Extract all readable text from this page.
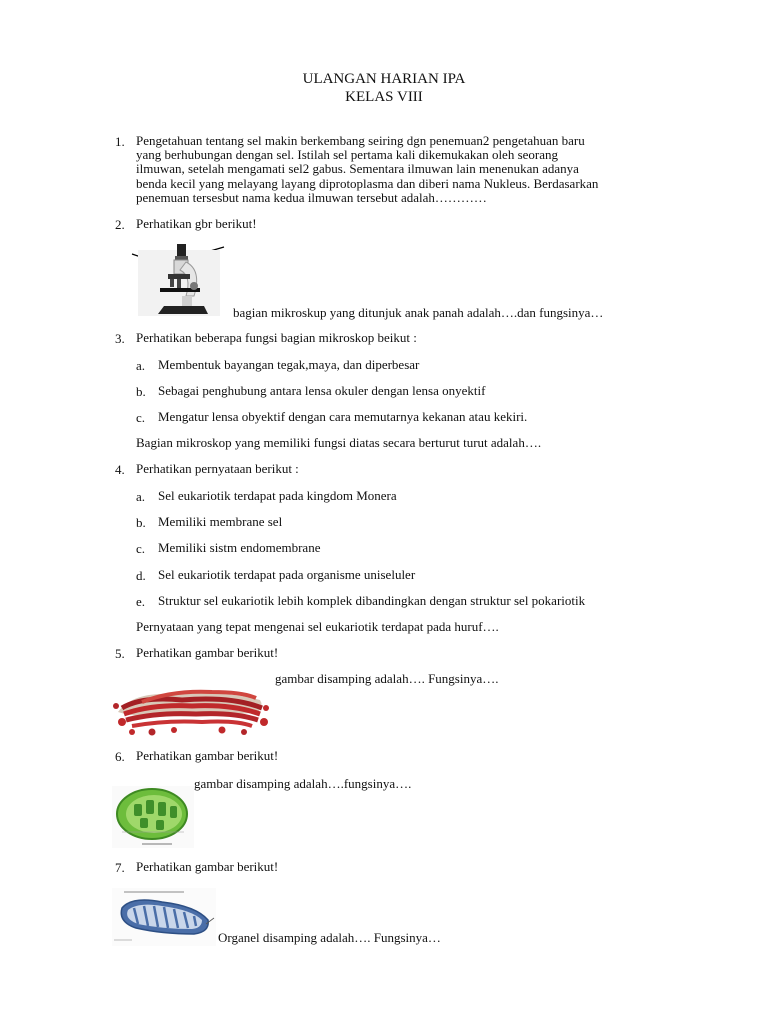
ULANGAN HARIAN IPA
KELAS VIII
1. Pengetahuan tentang sel makin berkembang seiring dgn penemuan2 pengetahuan baru
yang berhubungan dengan sel. Istilah sel pertama kali dikemukakan oleh seorang
ilmuwan, setelah mengamati sel2 gabus. Sementara ilmuwan lain menenukan adanya
benda kecil yang melayang layang diprotoplasma dan diberi nama Nukleus. Berdasarkan
penemuan tersesbut nama kedua ilmuwan tersebut adalah…………
2. Perhatikan gbr berikut!
bagian mikroskup yang ditunjuk anak panah adalah….dan fungsinya…
3. Perhatikan beberapa fungsi bagian mikroskop beikut :
a. Membentuk bayangan tegak,maya, dan diperbesar
b. Sebagai penghubung antara lensa okuler dengan lensa onyektif
c. Mengatur lensa obyektif dengan cara memutarnya kekanan atau kekiri.
Bagian mikroskop yang memiliki fungsi diatas secara berturut turut adalah….
4. Perhatikan pernyataan berikut :
a. Sel eukariotik terdapat pada kingdom Monera
b. Memiliki membrane sel
c. Memiliki sistm endomembrane
d. Sel eukariotik terdapat pada organisme uniseluler
e. Struktur sel eukariotik lebih komplek dibandingkan dengan struktur sel pokariotik
Pernyataan yang tepat mengenai sel eukariotik terdapat pada huruf….
5. Perhatikan gambar berikut!
gambar disamping adalah…. Fungsinya….
6. Perhatikan gambar berikut!
gambar disamping adalah….fungsinya….
7. Perhatikan gambar berikut!
Organel disamping adalah…. Fungsinya…
